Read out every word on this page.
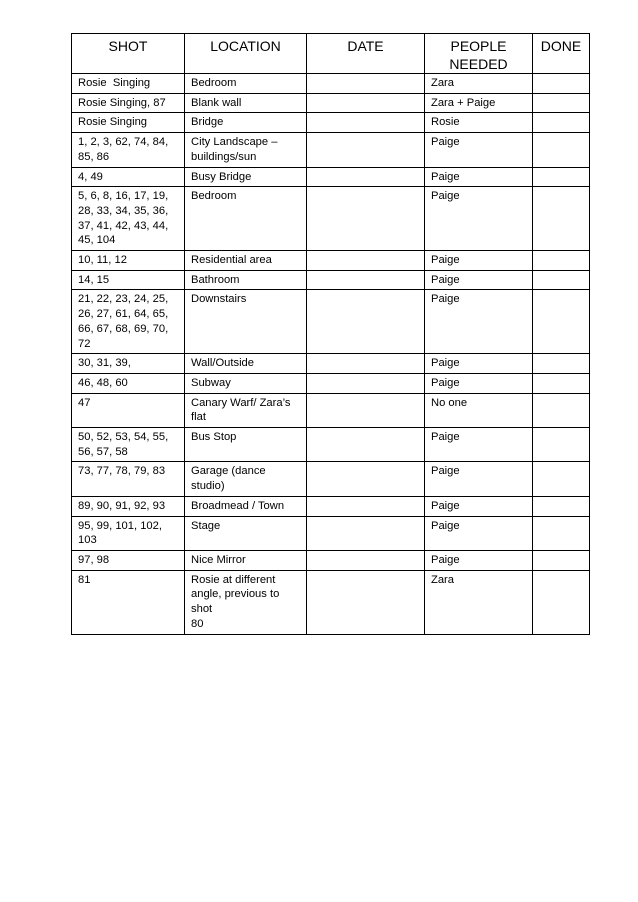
SHOT	LOCATION	DATE	PEOPLE
NEEDED	DONE

Rosie  Singing	Bedroom		Zara	

Rosie Singing, 87	Blank wall		Zara + Paige	

Rosie Singing	Bridge		Rosie	

1, 2, 3, 62, 74, 84,
85, 86	City Landscape –
buildings/sun		Paige	

4, 49	Busy Bridge		Paige	

5, 6, 8, 16, 17, 19,
28, 33, 34, 35, 36,
37, 41, 42, 43, 44,
45, 104	Bedroom		Paige	

10, 11, 12	Residential area		Paige	

14, 15	Bathroom		Paige	

21, 22, 23, 24, 25,
26, 27, 61, 64, 65,
66, 67, 68, 69, 70, 72	Downstairs		Paige	

30, 31, 39,	Wall/Outside		Paige	

46, 48, 60	Subway		Paige	

47	Canary Warf/ Zara’s
flat		No one	

50, 52, 53, 54, 55,
56, 57, 58	Bus Stop		Paige	

73, 77, 78, 79, 83	Garage (dance studio)		Paige	

89, 90, 91, 92, 93	Broadmead / Town		Paige	

95, 99, 101, 102,
103	Stage		Paige	

97, 98	Nice Mirror		Paige	

81	Rosie at different
angle, previous to shot
80		Zara	
